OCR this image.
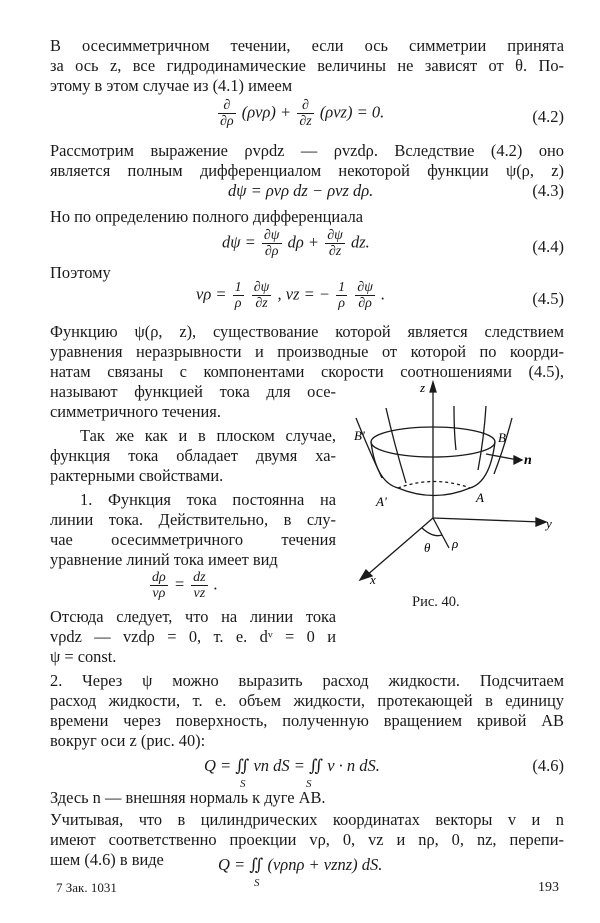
В осесимметричном течении, если ось симметрии принята
за ось z, все гидродинамические величины не зависят от θ. По-
этому в этом случае из (4.1) имеем
$\frac{\partial}{\partial\rho} (\rho v\rho) + \frac{\partial}{\partial z} (\rho vz) = 0$.	(4.2)
Рассмотрим выражение ρvρdz — ρvzdρ. Вследствие (4.2) оно
является полным дифференциалом некоторой функции ψ(ρ, z)
dψ = ρvρ dz − ρvz dρ.	(4.3)
Но по определению полного дифференциала
$d\psi = \frac{\partial\psi}{\partial\rho}$ $d\rho + \frac{\partial\psi}{\partial z}$ dz.	(4.4)
Поэтому
$v\rho = \frac{1}{\rho}$
$\frac{\partial\psi}{\partial z}$ , vz = − $\frac{1}{\rho}$
$\frac{\partial\psi}{\partial\rho}$ .	(4.5)
Функцию ψ(ρ, z), существование которой является следствием
уравнения неразрывности и производные от которой по коорди-
натам связаны с компонентами скорости соотношениями (4.5),
называют функцией тока для осе-
симметричного течения.
Так же как и в плоском случае,
функция тока обладает двумя ха-
рактерными свойствами.
1. Функция тока постоянна на
линии тока. Действительно, в слу-
чае осесимметричного течения
уравнение линий тока имеет вид
$\frac{d\rho}{v\rho} = \frac{dz}{vz}$ .
Отсюда следует, что на линии тока
vρdz — vzdρ = 0, т. е. dᵛ = 0 и
ψ = const.
z
B'	B
n
A'	A
y
θ ρ
x
Рис. 40.
2. Через ψ можно выразить расход жидкости. Подсчитаем
расход жидкости, т. е. объем жидкости, протекающей в единицу
времени через поверхность, полученную вращением кривой AB
вокруг оси z (рис. 40):
Q = ∬ vn dS = ∬ v · n dS.
S	S
(4.6)
Здесь n — внешняя нормаль к дуге AB.
Учитывая, что в цилиндрических координатах векторы v и n
имеют соответственно проекции vρ, 0, vz и nρ, 0, nz, перепи-
шем (4.6) в виде	Q = ∬ (vρnρ + vznz) dS.
S
7 Зак. 1031	193
